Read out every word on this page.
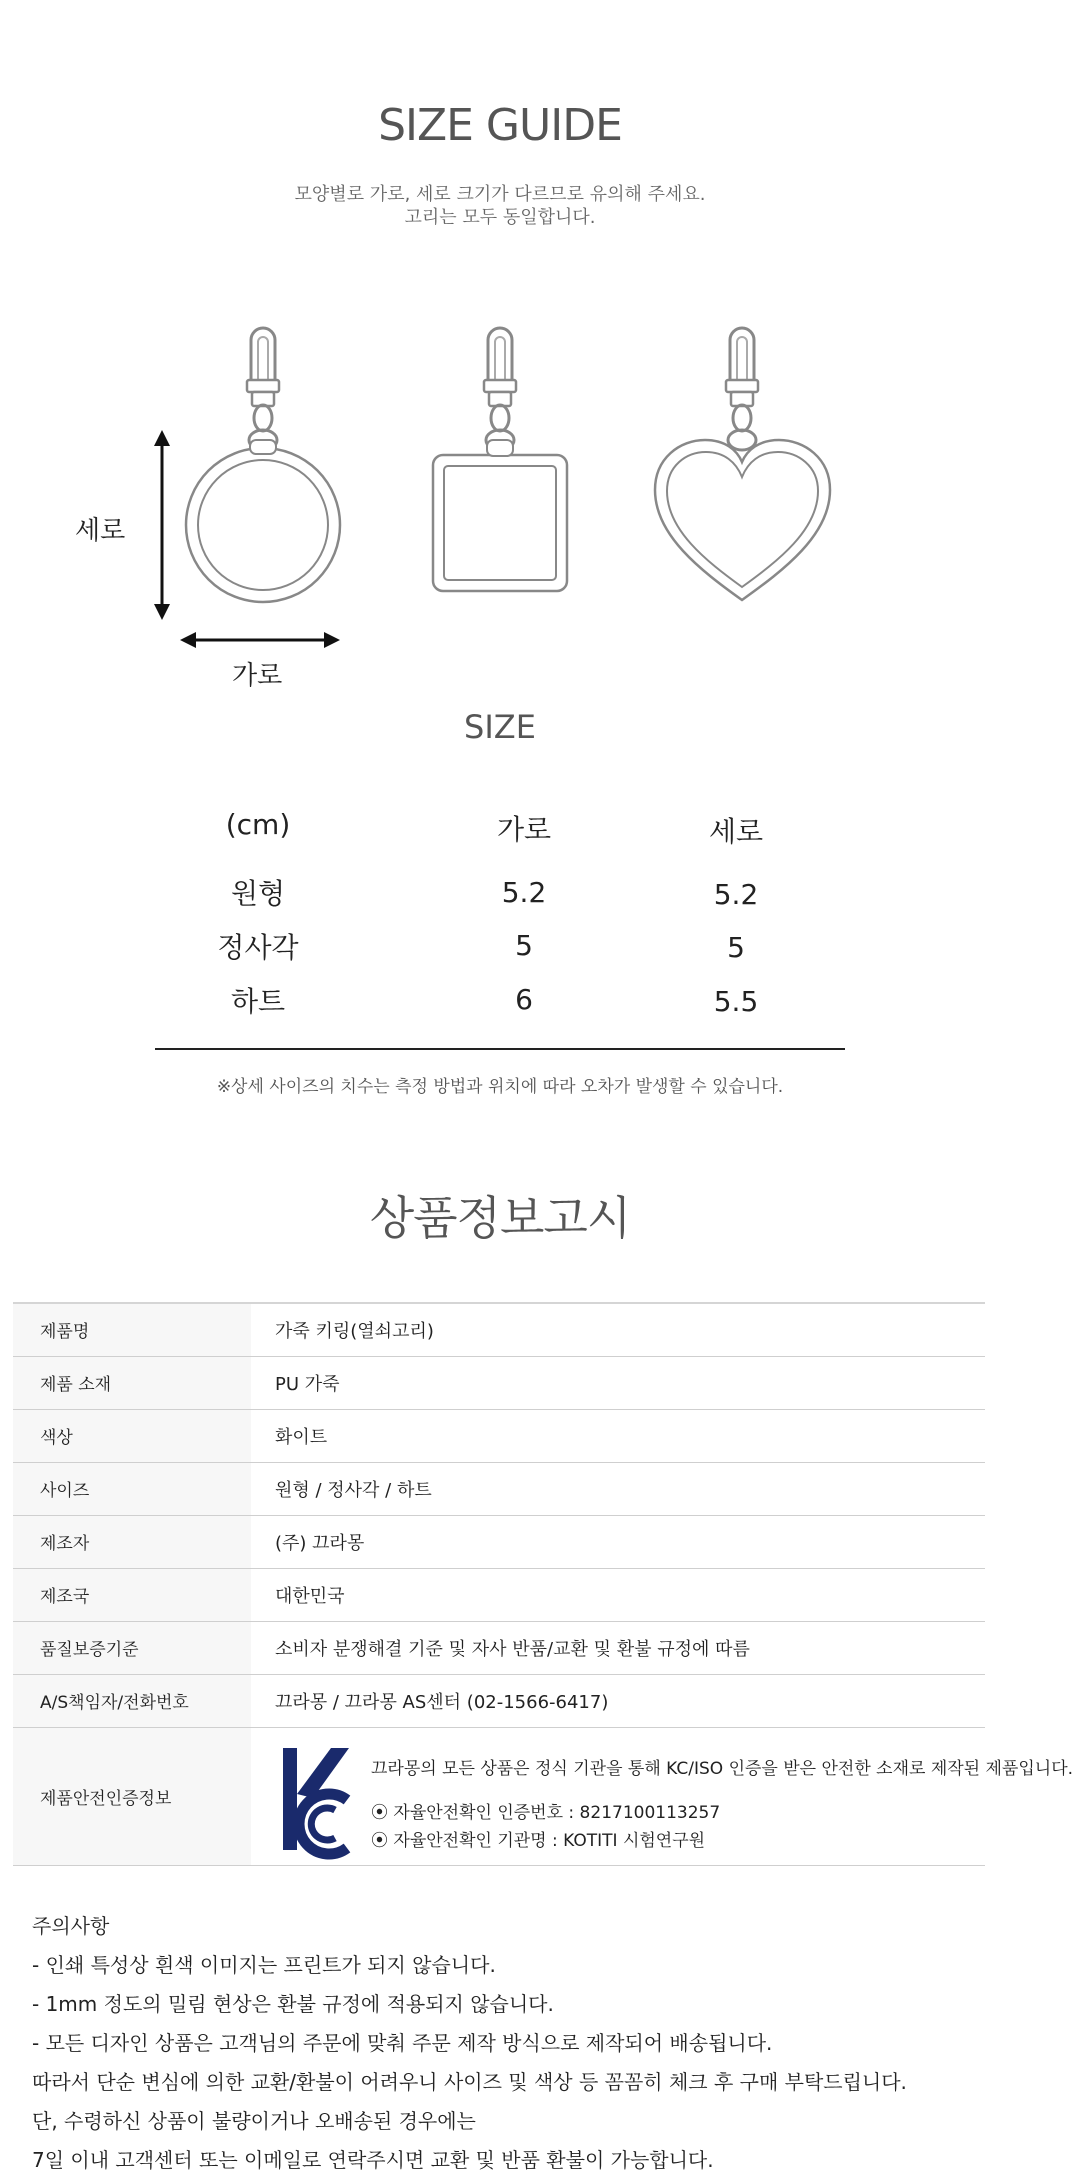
SIZE GUIDE
모양별로 가로, 세로 크기가 다르므로 유의해 주세요.
고리는 모두 동일합니다.
세로
가로
SIZE
(cm)	가로	세로
원형	5.2	5.2
정사각	5	5
하트	6	5.5
※상세 사이즈의 치수는 측정 방법과 위치에 따라 오차가 발생할 수 있습니다.
상품정보고시
제품명	가죽 키링(열쇠고리)
제품 소재	PU 가죽
색상	화이트
사이즈	원형 / 정사각 / 하트
제조자	(주) 끄라몽
제조국	대한민국
품질보증기준	소비자 분쟁해결 기준 및 자사 반품/교환 및 환불 규정에 따름
A/S책임자/전화번호	끄라몽 / 끄라몽 AS센터 (02-1566-6417)
제품안전인증정보	끄라몽의 모든 상품은 정식 기관을 통해 KC/ISO 인증을 받은 안전한 소재로 제작된 제품입니다.
⦿ 자율안전확인 인증번호 : 8217100113257
⦿ 자율안전확인 기관명 : KOTITI 시험연구원
주의사항
- 인쇄 특성상 흰색 이미지는 프린트가 되지 않습니다.
- 1mm 정도의 밀림 현상은 환불 규정에 적용되지 않습니다.
- 모든 디자인 상품은 고객님의 주문에 맞춰 주문 제작 방식으로 제작되어 배송됩니다.
따라서 단순 변심에 의한 교환/환불이 어려우니 사이즈 및 색상 등 꼼꼼히 체크 후 구매 부탁드립니다.
단, 수령하신 상품이 불량이거나 오배송된 경우에는
7일 이내 고객센터 또는 이메일로 연락주시면 교환 및 반품 환불이 가능합니다.
